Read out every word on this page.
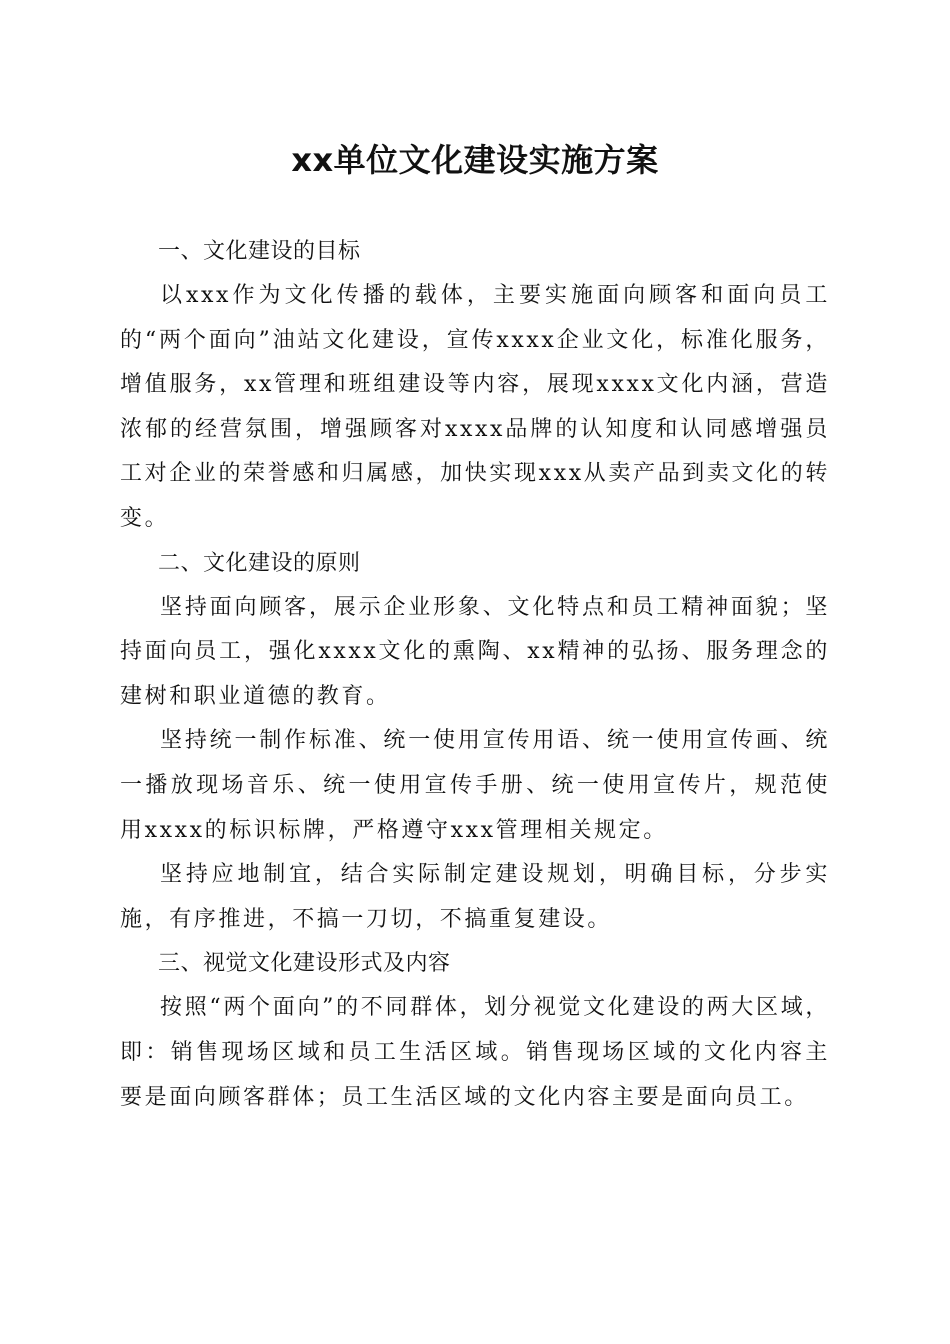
xx单位文化建设实施方案
一、文化建设的目标

以xxx作为文化传播的载体，主要实施面向顾客和面向员工的“两个面向”油站文化建设，宣传xxxx企业文化，标准化服务，增值服务，xx管理和班组建设等内容，展现xxxx文化内涵，营造浓郁的经营氛围，增强顾客对xxxx品牌的认知度和认同感增强员工对企业的荣誉感和归属感，加快实现xxx从卖产品到卖文化的转变。

二、文化建设的原则

坚持面向顾客，展示企业形象、文化特点和员工精神面貌；坚持面向员工，强化xxxx文化的熏陶、xx精神的弘扬、服务理念的建树和职业道德的教育。

坚持统一制作标准、统一使用宣传用语、统一使用宣传画、统一播放现场音乐、统一使用宣传手册、统一使用宣传片，规范使用xxxx的标识标牌，严格遵守xxx管理相关规定。

坚持应地制宜，结合实际制定建设规划，明确目标，分步实施，有序推进，不搞一刀切，不搞重复建设。

三、视觉文化建设形式及内容

按照“两个面向”的不同群体，划分视觉文化建设的两大区域，即：销售现场区域和员工生活区域。销售现场区域的文化内容主要是面向顾客群体；员工生活区域的文化内容主要是面向员工。
